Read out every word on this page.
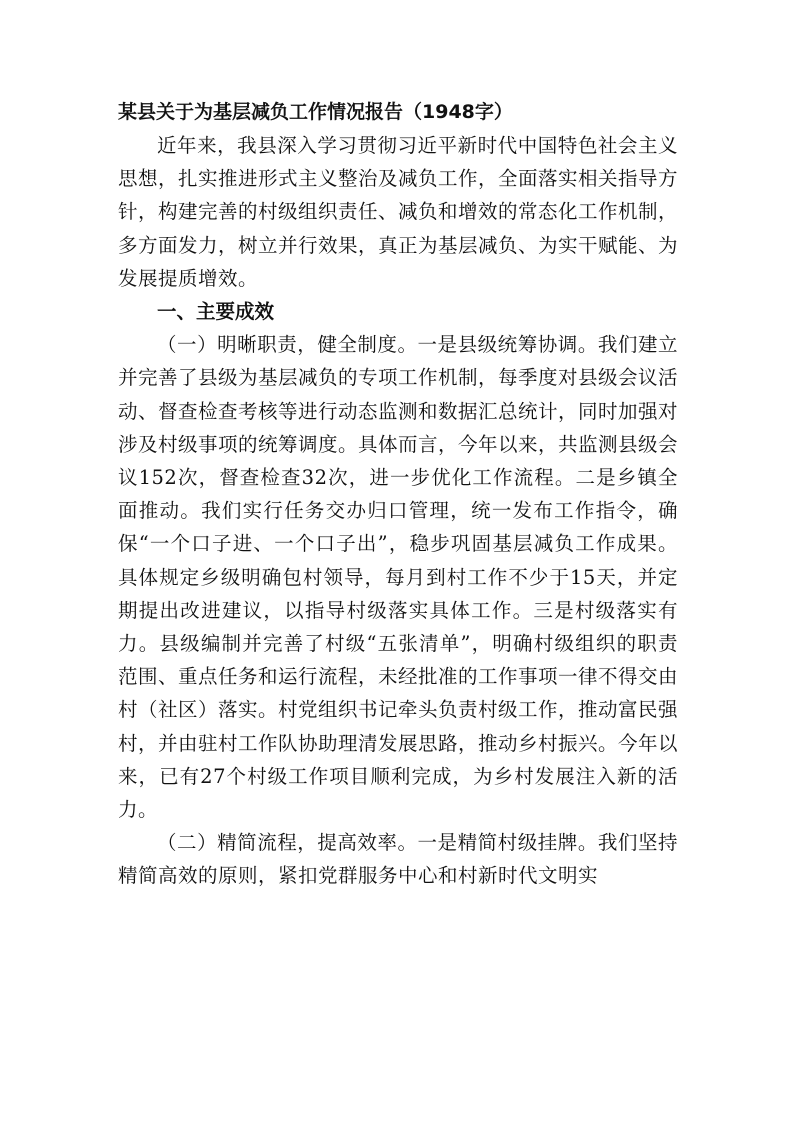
某县关于为基层减负工作情况报告（1948字）

近年来，我县深入学习贯彻习近平新时代中国特色社会主义思想，扎实推进形式主义整治及减负工作，全面落实相关指导方针，构建完善的村级组织责任、减负和增效的常态化工作机制，多方面发力，树立并行效果，真正为基层减负、为实干赋能、为发展提质增效。

一、主要成效

（一）明晰职责，健全制度。一是县级统筹协调。我们建立并完善了县级为基层减负的专项工作机制，每季度对县级会议活动、督查检查考核等进行动态监测和数据汇总统计，同时加强对涉及村级事项的统筹调度。具体而言，今年以来，共监测县级会议152次，督查检查32次，进一步优化工作流程。二是乡镇全面推动。我们实行任务交办归口管理，统一发布工作指令，确保“一个口子进、一个口子出”，稳步巩固基层减负工作成果。具体规定乡级明确包村领导，每月到村工作不少于15天，并定期提出改进建议，以指导村级落实具体工作。三是村级落实有力。县级编制并完善了村级“五张清单”，明确村级组织的职责范围、重点任务和运行流程，未经批准的工作事项一律不得交由村（社区）落实。村党组织书记牵头负责村级工作，推动富民强村，并由驻村工作队协助理清发展思路，推动乡村振兴。今年以来，已有27个村级工作项目顺利完成，为乡村发展注入新的活力。

（二）精简流程，提高效率。一是精简村级挂牌。我们坚持精简高效的原则，紧扣党群服务中心和村新时代文明实
